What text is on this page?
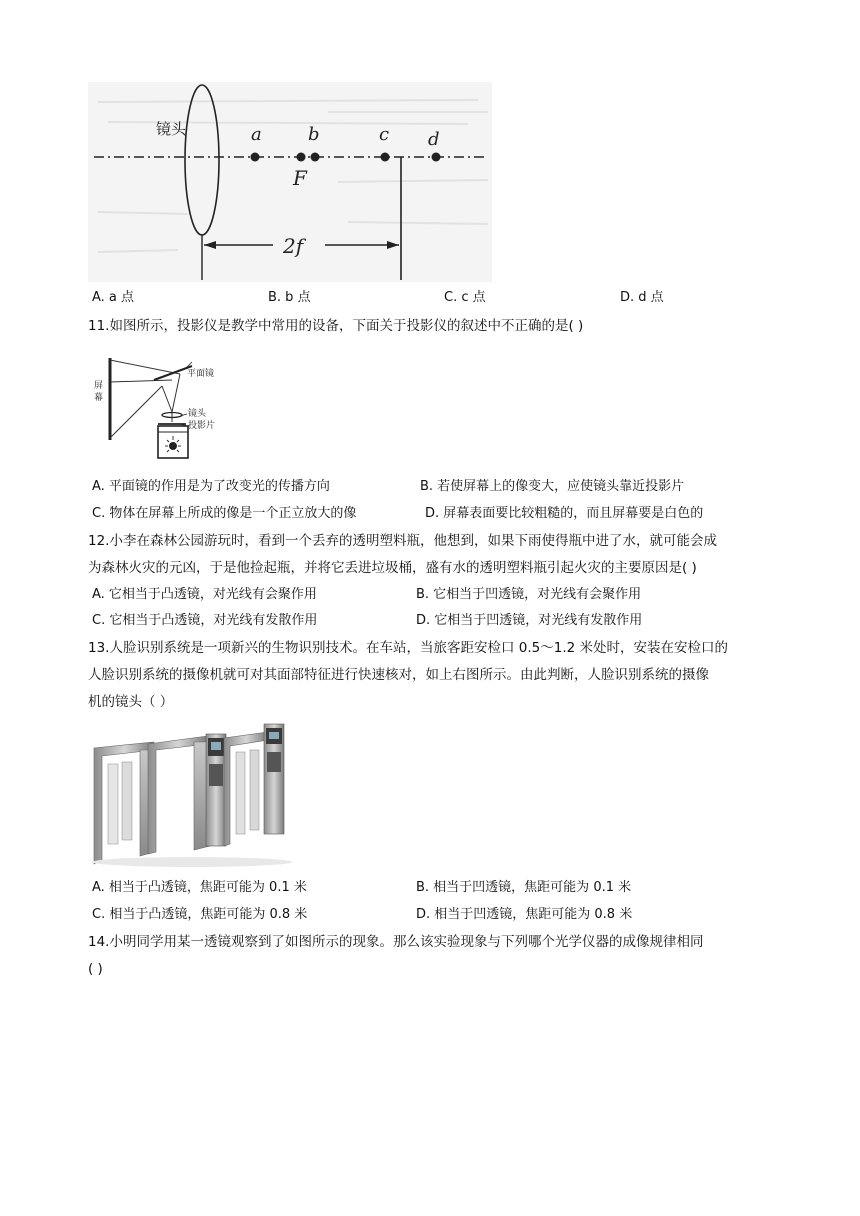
镜头	a	b
F
c d
2f
A. a 点	B. b 点	C. c 点	D. d 点
11.如图所示，投影仪是教学中常用的设备，下面关于投影仪的叙述中不正确的是( )
屏
幕
平面镜
镜头
投影片
A. 平面镜的作用是为了改变光的传播方向	B. 若使屏幕上的像变大，应使镜头靠近投影片
C. 物体在屏幕上所成的像是一个正立放大的像	D. 屏幕表面要比较粗糙的，而且屏幕要是白色的
12.小李在森林公园游玩时，看到一个丢弃的透明塑料瓶，他想到，如果下雨使得瓶中进了水，就可能会成
为森林火灾的元凶，于是他捡起瓶，并将它丢进垃圾桶，盛有水的透明塑料瓶引起火灾的主要原因是( )
A. 它相当于凸透镜，对光线有会聚作用	B. 它相当于凹透镜，对光线有会聚作用
C. 它相当于凸透镜，对光线有发散作用	D. 它相当于凹透镜，对光线有发散作用
13.人脸识别系统是一项新兴的生物识别技术。在车站，当旅客距安检口 0.5～1.2 米处时，安装在安检口的
人脸识别系统的摄像机就可对其面部特征进行快速核对，如上右图所示。由此判断，人脸识别系统的摄像
机的镜头（ ）
A. 相当于凸透镜，焦距可能为 0.1 米	B. 相当于凹透镜，焦距可能为 0.1 米
C. 相当于凸透镜，焦距可能为 0.8 米	D. 相当于凹透镜，焦距可能为 0.8 米
14.小明同学用某一透镜观察到了如图所示的现象。那么该实验现象与下列哪个光学仪器的成像规律相同
( )
